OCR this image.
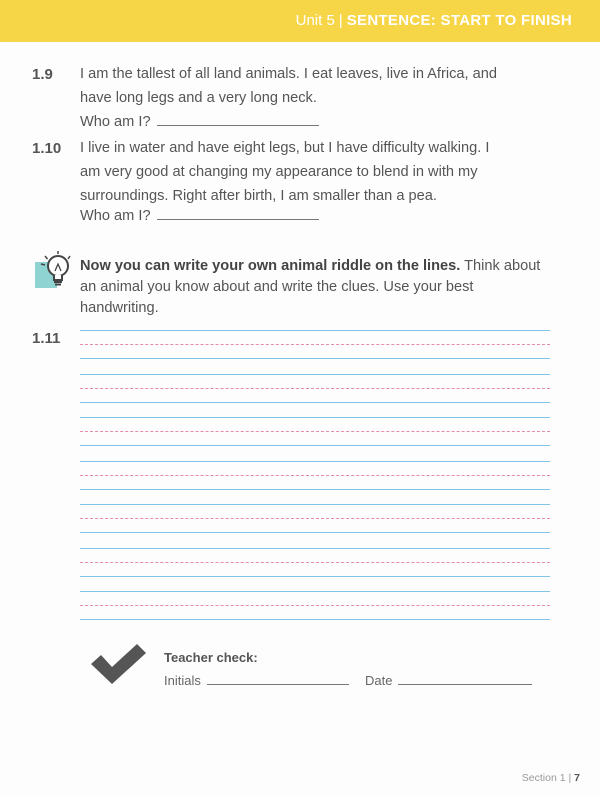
Unit 5 | SENTENCE: START TO FINISH
1.9 I am the tallest of all land animals. I eat leaves, live in Africa, and
have long legs and a very long neck.
Who am I?
1.10 I live in water and have eight legs, but I have difficulty walking. I
am very good at changing my appearance to blend in with my
surroundings. Right after birth, I am smaller than a pea.
Who am I?
Now you can write your own animal riddle on the lines. Think about an animal you know about and write the clues. Use your best handwriting.
1.11
Teacher check:
Initials	Date
Section 1 | 7
